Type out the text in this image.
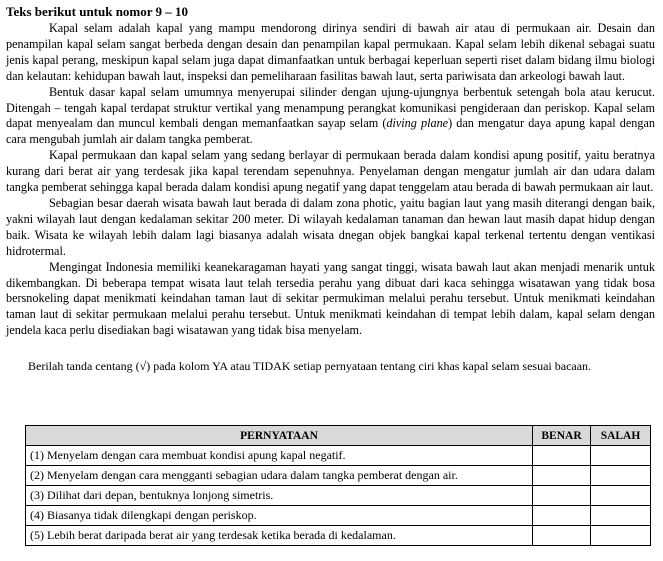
Teks berikut untuk nomor 9 – 10

Kapal selam adalah kapal yang mampu mendorong dirinya sendiri di bawah air atau di permukaan air. Desain dan penampilan kapal selam sangat berbeda dengan desain dan penampilan kapal permukaan. Kapal selam lebih dikenal sebagai suatu jenis kapal perang, meskipun kapal selam juga dapat dimanfaatkan untuk berbagai keperluan seperti riset dalam bidang ilmu biologi dan kelautan: kehidupan bawah laut, inspeksi dan pemeliharaan fasilitas bawah laut, serta pariwisata dan arkeologi bawah laut.

Bentuk dasar kapal selam umumnya menyerupai silinder dengan ujung-ujungnya berbentuk setengah bola atau kerucut. Ditengah – tengah kapal terdapat struktur vertikal yang menampung perangkat komunikasi pengideraan dan periskop. Kapal selam dapat menyealam dan muncul kembali dengan memanfaatkan sayap selam (diving plane) dan mengatur daya apung kapal dengan cara mengubah jumlah air dalam tangka pemberat.

Kapal permukaan dan kapal selam yang sedang berlayar di permukaan berada dalam kondisi apung positif, yaitu beratnya kurang dari berat air yang terdesak jika kapal terendam sepenuhnya. Penyelaman dengan mengatur jumlah air dan udara dalam tangka pemberat sehingga kapal berada dalam kondisi apung negatif yang dapat tenggelam atau berada di bawah permukaan air laut.

Sebagian besar daerah wisata bawah laut berada di dalam zona photic, yaitu bagian laut yang masih diterangi dengan baik, yakni wilayah laut dengan kedalaman sekitar 200 meter. Di wilayah kedalaman tanaman dan hewan laut masih dapat hidup dengan baik. Wisata ke wilayah lebih dalam lagi biasanya adalah wisata dnegan objek bangkai kapal terkenal tertentu dengan ventikasi hidrotermal.

Mengingat Indonesia memiliki keanekaragaman hayati yang sangat tinggi, wisata bawah laut akan menjadi menarik untuk dikembangkan. Di beberapa tempat wisata laut telah tersedia perahu yang dibuat dari kaca sehingga wisatawan yang tidak bosa bersnokeling dapat menikmati keindahan taman laut di sekitar permukiman melalui perahu tersebut. Untuk menikmati keindahan taman laut di sekitar permukaan melalui perahu tersebut. Untuk menikmati keindahan di tempat lebih dalam, kapal selam dengan jendela kaca perlu disediakan bagi wisatawan yang tidak bisa menyelam.

Berilah tanda centang (√) pada kolom YA atau TIDAK setiap pernyataan tentang ciri khas kapal selam sesuai bacaan.

PERNYATAAN	BENAR	SALAH
(1) Menyelam dengan cara membuat kondisi apung kapal negatif.		
(2) Menyelam dengan cara mengganti sebagian udara dalam tangka pemberat dengan air.		
(3) Dilihat dari depan, bentuknya lonjong simetris.		
(4) Biasanya tidak dilengkapi dengan periskop.		
(5) Lebih berat daripada berat air yang terdesak ketika berada di kedalaman.		
